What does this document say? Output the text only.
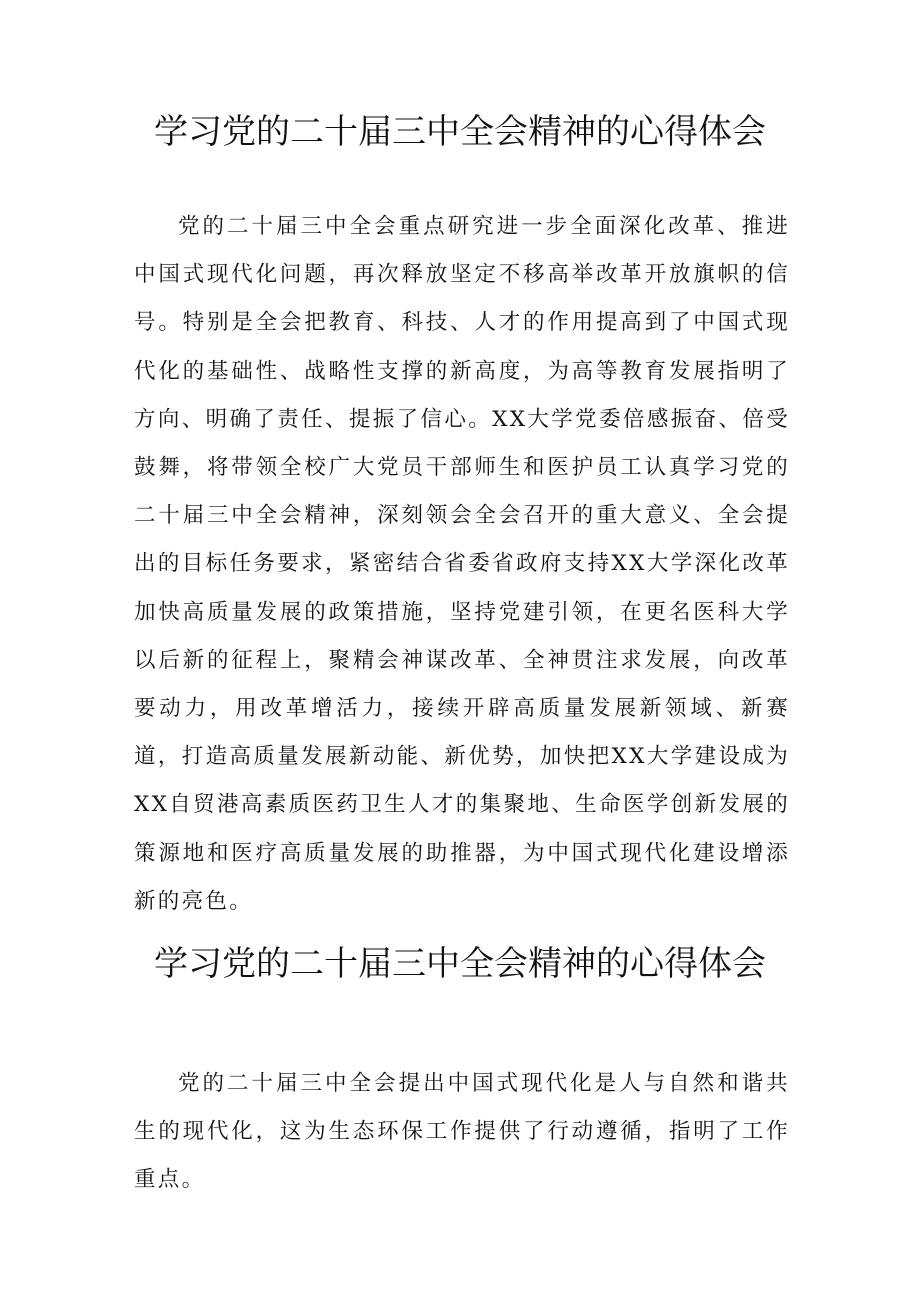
学习党的二十届三中全会精神的心得体会

党的二十届三中全会重点研究进一步全面深化改革、推进中国式现代化问题，再次释放坚定不移高举改革开放旗帜的信号。特别是全会把教育、科技、人才的作用提高到了中国式现代化的基础性、战略性支撑的新高度，为高等教育发展指明了方向、明确了责任、提振了信心。XX大学党委倍感振奋、倍受鼓舞，将带领全校广大党员干部师生和医护员工认真学习党的二十届三中全会精神，深刻领会全会召开的重大意义、全会提出的目标任务要求，紧密结合省委省政府支持XX大学深化改革加快高质量发展的政策措施，坚持党建引领，在更名医科大学以后新的征程上，聚精会神谋改革、全神贯注求发展，向改革要动力，用改革增活力，接续开辟高质量发展新领域、新赛道，打造高质量发展新动能、新优势，加快把XX大学建设成为XX自贸港高素质医药卫生人才的集聚地、生命医学创新发展的策源地和医疗高质量发展的助推器，为中国式现代化建设增添新的亮色。

学习党的二十届三中全会精神的心得体会

党的二十届三中全会提出中国式现代化是人与自然和谐共生的现代化，这为生态环保工作提供了行动遵循，指明了工作重点。
